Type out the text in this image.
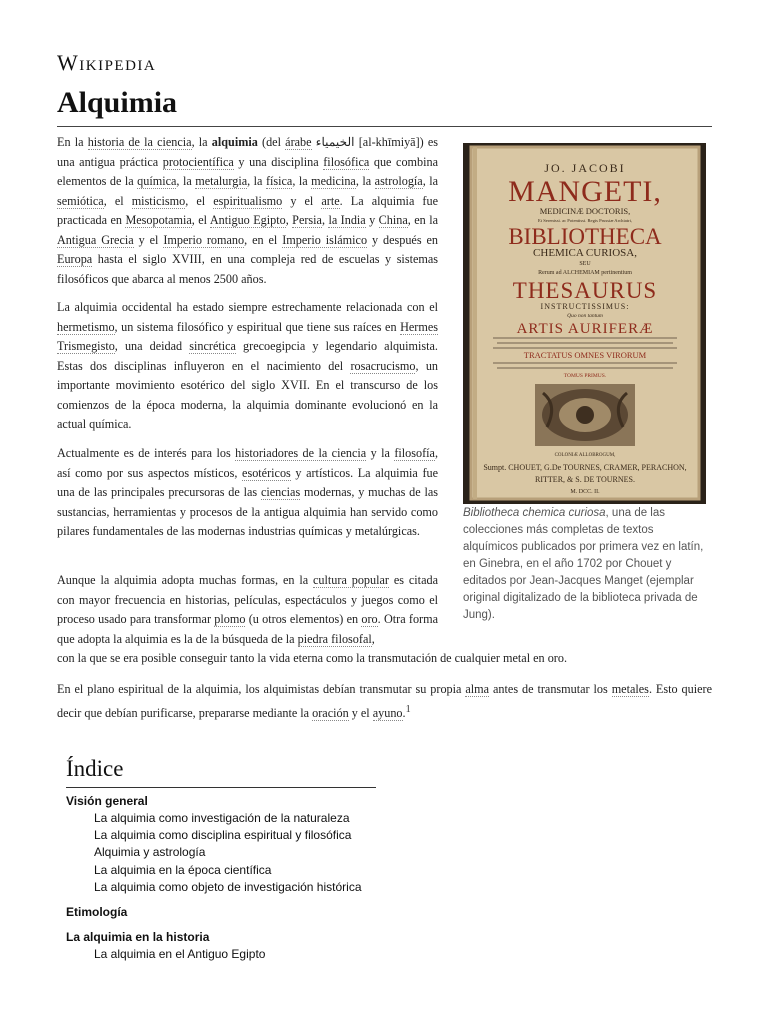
Wikipedia
Alquimia

En la historia de la ciencia, la alquimia (del árabe الخيمياء [al-khīmiyā]) es una antigua práctica protocientífica y una disciplina filosófica que combina elementos de la química, la metalurgia, la física, la medicina, la astrología, la semiótica, el misticismo, el espiritualismo y el arte. La alquimia fue practicada en Mesopotamia, el Antiguo Egipto, Persia, la India y China, en la Antigua Grecia y el Imperio romano, en el Imperio islámico y después en Europa hasta el siglo XVIII, en una compleja red de escuelas y sistemas filosóficos que abarca al menos 2500 años.

La alquimia occidental ha estado siempre estrechamente relacionada con el hermetismo, un sistema filosófico y espiritual que tiene sus raíces en Hermes Trismegisto, una deidad sincrética grecoegipcia y legendario alquimista. Estas dos disciplinas influyeron en el nacimiento del rosacrucismo, un importante movimiento esotérico del siglo XVII. En el transcurso de los comienzos de la época moderna, la alquimia dominante evolucionó en la actual química.

Actualmente es de interés para los historiadores de la ciencia y la filosofía, así como por sus aspectos místicos, esotéricos y artísticos. La alquimia fue una de las principales precursoras de las ciencias modernas, y muchas de las sustancias, herramientas y procesos de la antigua alquimia han servido como pilares fundamentales de las modernas industrias químicas y metalúrgicas.

Aunque la alquimia adopta muchas formas, en la cultura popular es citada con mayor frecuencia en historias, películas, espectáculos y juegos como el proceso usado para transformar plomo (u otros elementos) en oro. Otra forma que adopta la alquimia es la de la búsqueda de la piedra filosofal,

con la que se era posible conseguir tanto la vida eterna como la transmutación de cualquier metal en oro.

En el plano espiritual de la alquimia, los alquimistas debían transmutar su propia alma antes de transmutar los metales. Esto quiere decir que debían purificarse, prepararse mediante la oración y el ayuno.$^1$

JO. JACOBI
MANGETI,
MEDICINÆ DOCTORIS,
Et Serenissi. ac Potentissi. Regis Prussiæ Archiatri,
BIBLIOTHECA
CHEMICA CURIOSA,
SEU
Rerum ad ALCHEMIAM pertinentium
THESAURUS
INSTRUCTISSIMUS:
Quo non tantum
ARTIS AURIFERÆ
TRACTATUS OMNES VIRORUM
TOMUS PRIMUS.
COLONIÆ ALLOBROGUM,
Sumpt. CHOUET, G.De TOURNES, CRAMER, PERACHON,
RITTER, & S. DE TOURNES.
M. DCC. II.
Bibliotheca chemica curiosa, una de las colecciones más completas de textos alquímicos publicados por primera vez en latín, en Ginebra, en el año 1702 por Chouet y editados por Jean-Jacques Manget (ejemplar original digitalizado de la biblioteca privada de Jung).
Índice
Visión general
La alquimia como investigación de la naturaleza
La alquimia como disciplina espiritual y filosófica
Alquimia y astrología
La alquimia en la época científica
La alquimia como objeto de investigación histórica
Etimología
La alquimia en la historia
La alquimia en el Antiguo Egipto
